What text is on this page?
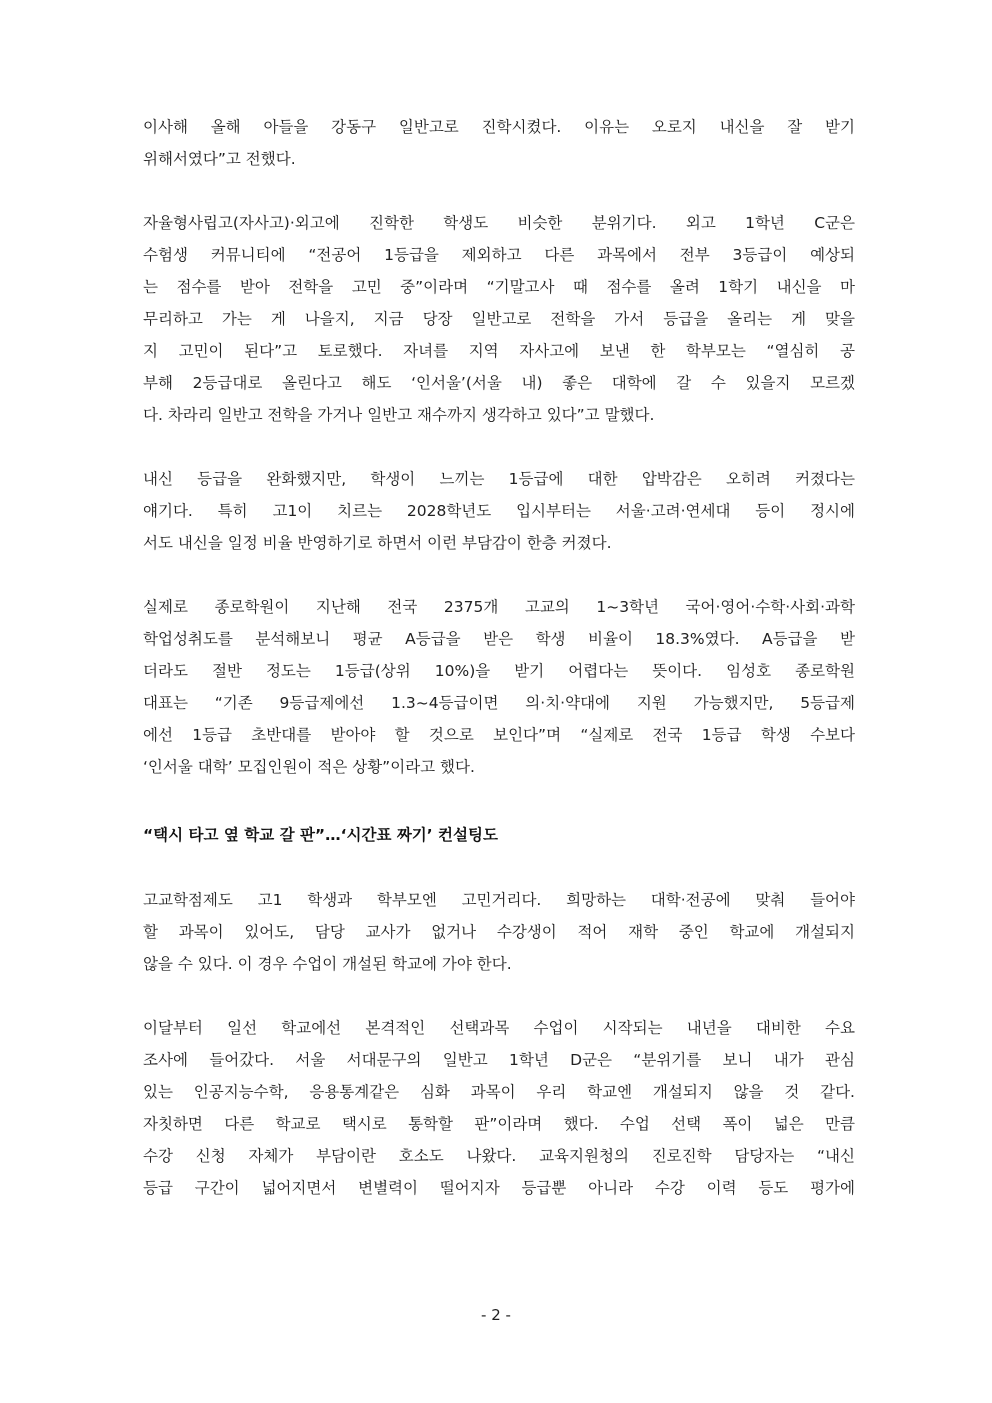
이사해 올해 아들을 강동구 일반고로 진학시켰다. 이유는 오로지 내신을 잘 받기
위해서였다”고 전했다.
자율형사립고(자사고)·외고에 진학한 학생도 비슷한 분위기다. 외고 1학년 C군은
수험생 커뮤니티에 “전공어 1등급을 제외하고 다른 과목에서 전부 3등급이 예상되
는 점수를 받아 전학을 고민 중”이라며 “기말고사 때 점수를 올려 1학기 내신을 마
무리하고 가는 게 나을지, 지금 당장 일반고로 전학을 가서 등급을 올리는 게 맞을
지 고민이 된다”고 토로했다. 자녀를 지역 자사고에 보낸 한 학부모는 “열심히 공
부해 2등급대로 올린다고 해도 ‘인서울’(서울 내) 좋은 대학에 갈 수 있을지 모르겠
다. 차라리 일반고 전학을 가거나 일반고 재수까지 생각하고 있다”고 말했다.
내신 등급을 완화했지만, 학생이 느끼는 1등급에 대한 압박감은 오히려 커졌다는
얘기다. 특히 고1이 치르는 2028학년도 입시부터는 서울·고려·연세대 등이 정시에
서도 내신을 일정 비율 반영하기로 하면서 이런 부담감이 한층 커졌다.
실제로 종로학원이 지난해 전국 2375개 고교의 1~3학년 국어·영어·수학·사회·과학
학업성취도를 분석해보니 평균 A등급을 받은 학생 비율이 18.3%였다. A등급을 받
더라도 절반 정도는 1등급(상위 10%)을 받기 어렵다는 뜻이다. 임성호 종로학원
대표는 “기존 9등급제에선 1.3~4등급이면 의·치·약대에 지원 가능했지만, 5등급제
에선 1등급 초반대를 받아야 할 것으로 보인다”며 “실제로 전국 1등급 학생 수보다
‘인서울 대학’ 모집인원이 적은 상황”이라고 했다.
“택시 타고 옆 학교 갈 판”…‘시간표 짜기’ 컨설팅도
고교학점제도 고1 학생과 학부모엔 고민거리다. 희망하는 대학·전공에 맞춰 들어야
할 과목이 있어도, 담당 교사가 없거나 수강생이 적어 재학 중인 학교에 개설되지
않을 수 있다. 이 경우 수업이 개설된 학교에 가야 한다.
이달부터 일선 학교에선 본격적인 선택과목 수업이 시작되는 내년을 대비한 수요
조사에 들어갔다. 서울 서대문구의 일반고 1학년 D군은 “분위기를 보니 내가 관심
있는 인공지능수학, 응용통계같은 심화 과목이 우리 학교엔 개설되지 않을 것 같다.
자칫하면 다른 학교로 택시로 통학할 판”이라며 했다. 수업 선택 폭이 넓은 만큼
수강 신청 자체가 부담이란 호소도 나왔다. 교육지원청의 진로진학 담당자는 “내신
등급 구간이 넓어지면서 변별력이 떨어지자 등급뿐 아니라 수강 이력 등도 평가에
- 2 -
